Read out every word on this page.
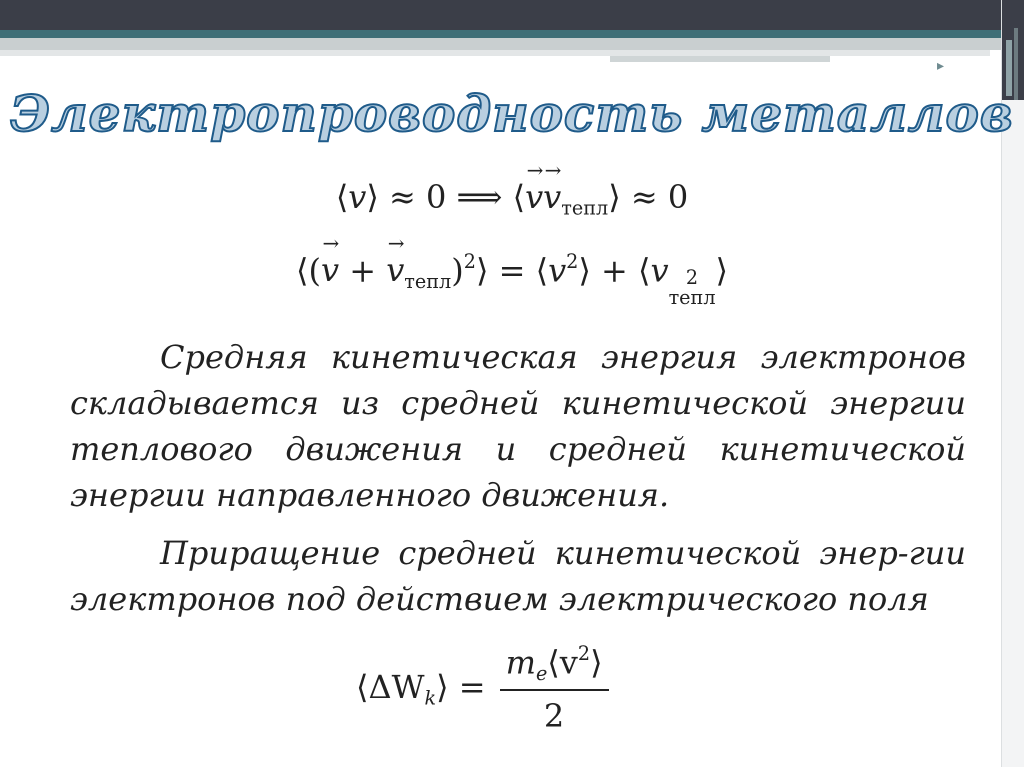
▸
Электропроводность металлов
⟨v⟩ ≈ 0 ⟹ ⟨→ $v\to v_{тепл}⟩ \approx 0$
⟨(→ v + → $v_{тепл})^2⟩$ = $⟨v^2⟩$ + ⟨v 2
тепл
⟩
Средняя кинетическая энергия электронов складывается из средней кинетической энергии теплового движения и средней кинетической энергии направленного движения.
Приращение средней кинетической энер-гии электронов под действием электрического поля
$⟨\Delta W_k⟩ = \frac{m_e⟨v^2⟩}{2}$
